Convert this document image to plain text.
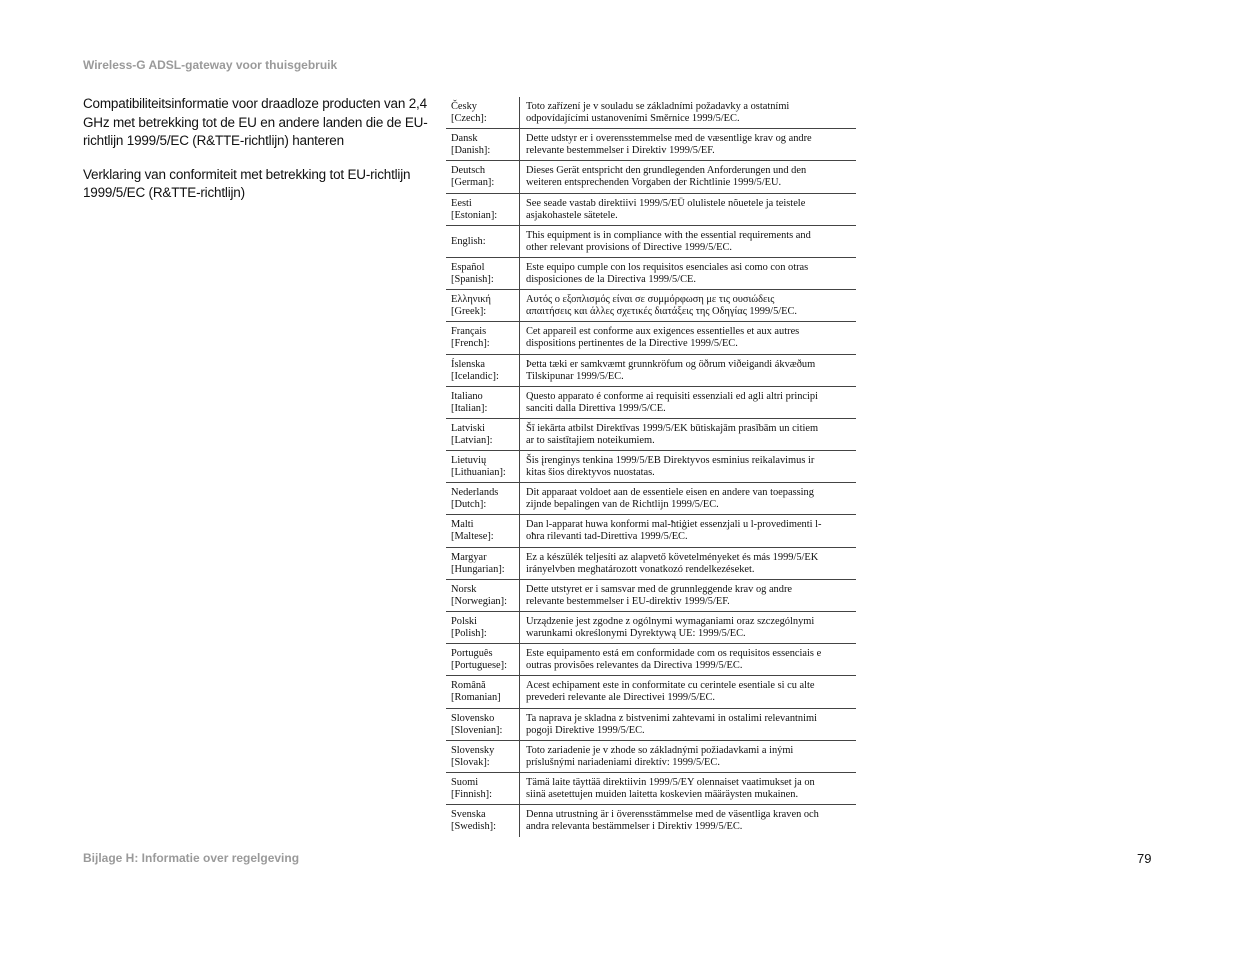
Wireless-G ADSL-gateway voor thuisgebruik

Compatibiliteitsinformatie voor draadloze producten van 2,4 GHz met betrekking tot de EU en andere landen die de EU-richtlijn 1999/5/EC (R&TTE-richtlijn) hanteren

Verklaring van conformiteit met betrekking tot EU-richtlijn 1999/5/EC (R&TTE-richtlijn)

Česky
[Czech]:
Toto zařízení je v souladu se základními požadavky a ostatními
odpovídajícími ustanoveními Směrnice 1999/5/EC.
Dansk
[Danish]:
Dette udstyr er i overensstemmelse med de væsentlige krav og andre
relevante bestemmelser i Direktiv 1999/5/EF.
Deutsch
[German]:
Dieses Gerät entspricht den grundlegenden Anforderungen und den
weiteren entsprechenden Vorgaben der Richtlinie 1999/5/EU.
Eesti
[Estonian]:
See seade vastab direktiivi 1999/5/EÜ olulistele nõuetele ja teistele
asjakohastele sätetele.
English:
This equipment is in compliance with the essential requirements and
other relevant provisions of Directive 1999/5/EC.
Español
[Spanish]:
Este equipo cumple con los requisitos esenciales asi como con otras
disposiciones de la Directiva 1999/5/CE.
Ελληνική
[Greek]:
Αυτός ο εξοπλισμός είναι σε συμμόρφωση με τις ουσιώδεις
απαιτήσεις και άλλες σχετικές διατάξεις της Οδηγίας 1999/5/EC.
Français
[French]:
Cet appareil est conforme aux exigences essentielles et aux autres
dispositions pertinentes de la Directive 1999/5/EC.
Íslenska
[Icelandic]:
Þetta tæki er samkvæmt grunnkröfum og öðrum viðeigandi ákvæðum
Tilskipunar 1999/5/EC.
Italiano
[Italian]:
Questo apparato é conforme ai requisiti essenziali ed agli altri principi
sanciti dalla Direttiva 1999/5/CE.
Latviski
[Latvian]:
Šī iekārta atbilst Direktīvas 1999/5/EK būtiskajām prasībām un citiem
ar to saistītajiem noteikumiem.
Lietuvių
[Lithuanian]:
Šis įrenginys tenkina 1999/5/EB Direktyvos esminius reikalavimus ir
kitas šios direktyvos nuostatas.
Nederlands
[Dutch]:
Dit apparaat voldoet aan de essentiele eisen en andere van toepassing
zijnde bepalingen van de Richtlijn 1999/5/EC.
Malti
[Maltese]:
Dan l-apparat huwa konformi mal-ħtiġiet essenzjali u l-provedimenti l-
oħra rilevanti tad-Direttiva 1999/5/EC.
Margyar
[Hungarian]:
Ez a készülék teljesíti az alapvető követelményeket és más 1999/5/EK
irányelvben meghatározott vonatkozó rendelkezéseket.
Norsk
[Norwegian]:
Dette utstyret er i samsvar med de grunnleggende krav og andre
relevante bestemmelser i EU-direktiv 1999/5/EF.
Polski
[Polish]:
Urządzenie jest zgodne z ogólnymi wymaganiami oraz szczególnymi
warunkami określonymi Dyrektywą UE: 1999/5/EC.
Português
[Portuguese]:
Este equipamento está em conformidade com os requisitos essenciais e
outras provisões relevantes da Directiva 1999/5/EC.
Română
[Romanian]
Acest echipament este in conformitate cu cerintele esentiale si cu alte
prevederi relevante ale Directivei 1999/5/EC.
Slovensko
[Slovenian]:
Ta naprava je skladna z bistvenimi zahtevami in ostalimi relevantnimi
pogoji Direktive 1999/5/EC.
Slovensky
[Slovak]:
Toto zariadenie je v zhode so základnými požiadavkami a inými
príslušnými nariadeniami direktív: 1999/5/EC.
Suomi
[Finnish]:
Tämä laite täyttää direktiivin 1999/5/EY olennaiset vaatimukset ja on
siinä asetettujen muiden laitetta koskevien määräysten mukainen.
Svenska
[Swedish]:
Denna utrustning är i överensstämmelse med de väsentliga kraven och
andra relevanta bestämmelser i Direktiv 1999/5/EC.
Bijlage H: Informatie over regelgeving	79
